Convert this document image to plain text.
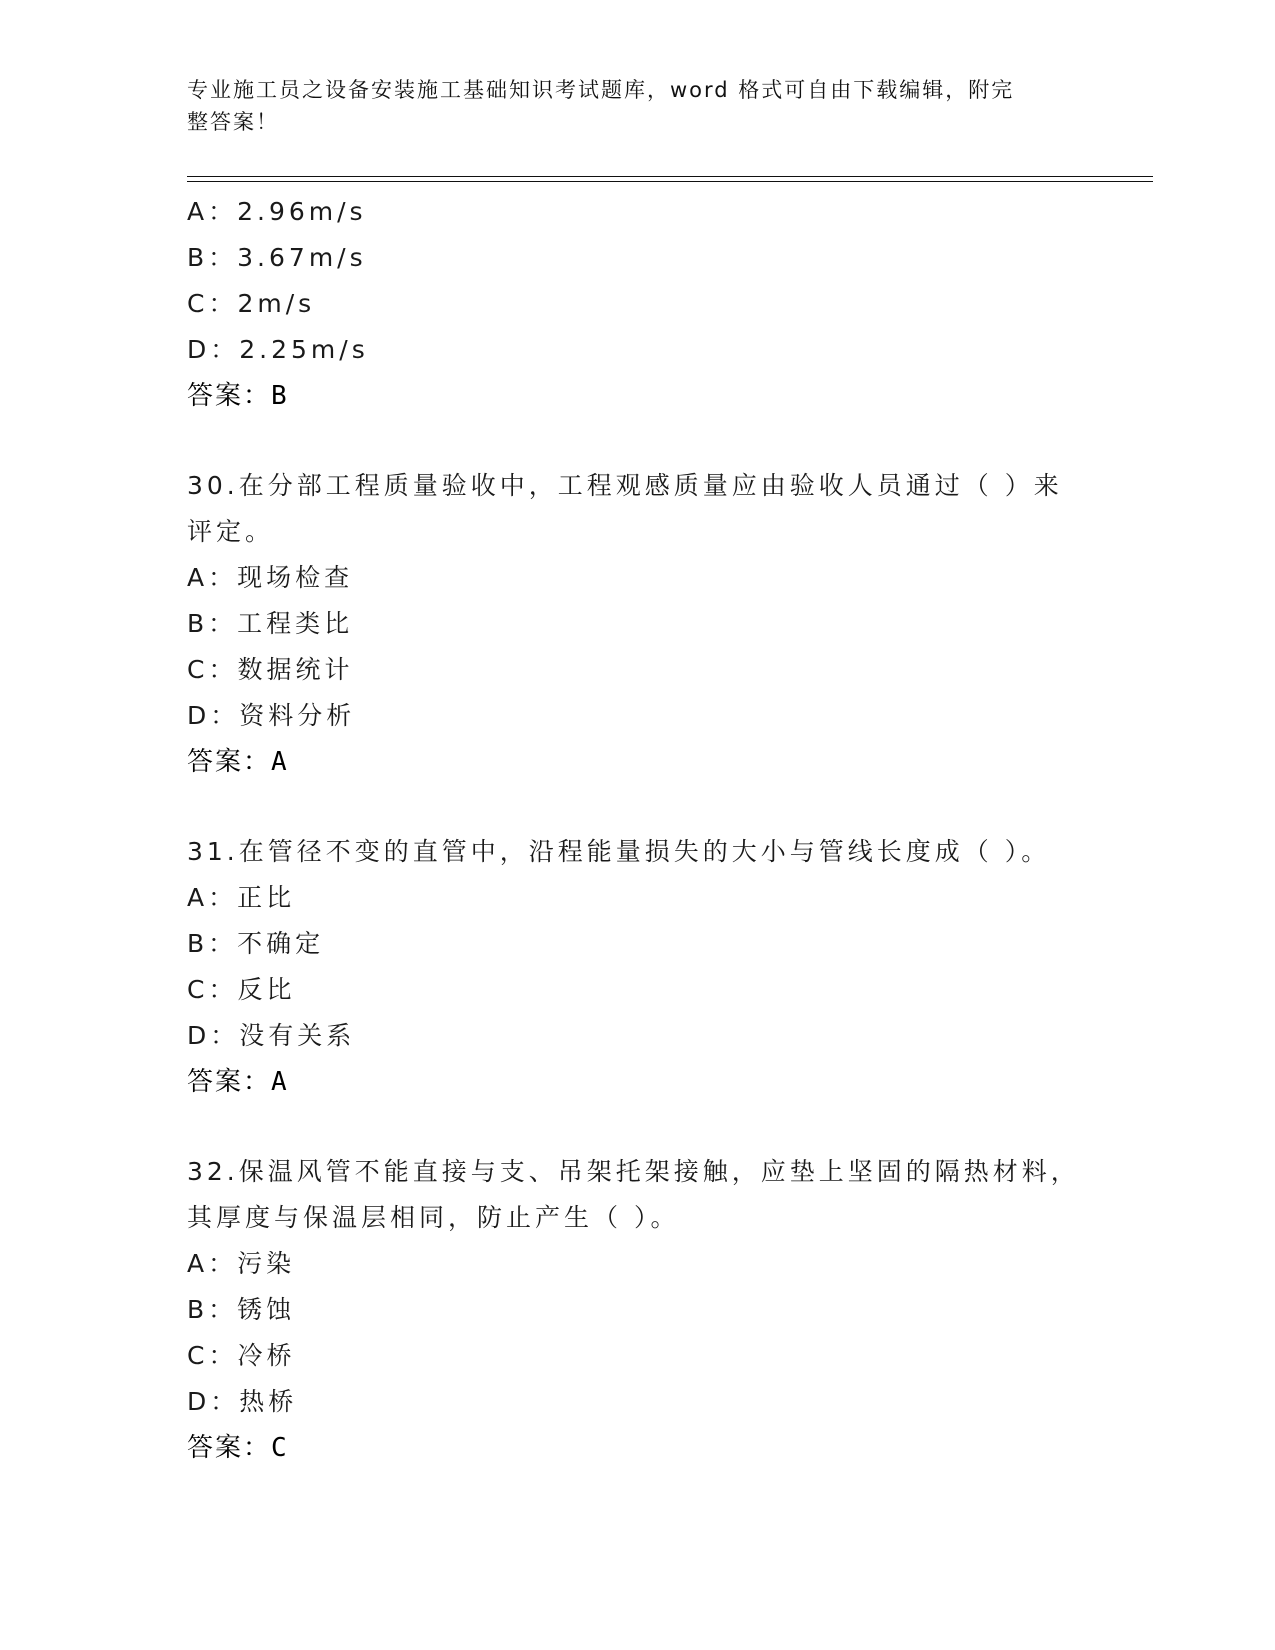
专业施工员之设备安装施工基础知识考试题库，word 格式可自由下载编辑，附完
整答案！
A：2.96m/s
B：3.67m/s
C：2m/s
D：2.25m/s
答案：B
30.在分部工程质量验收中，工程观感质量应由验收人员通过（ ）来
评定。
A：现场检查
B：工程类比
C：数据统计
D：资料分析
答案：A
31.在管径不变的直管中，沿程能量损失的大小与管线长度成（ ）。
A：正比
B：不确定
C：反比
D：没有关系
答案：A
32.保温风管不能直接与支、吊架托架接触，应垫上坚固的隔热材料，
其厚度与保温层相同，防止产生（ ）。
A：污染
B：锈蚀
C：冷桥
D：热桥
答案：C
